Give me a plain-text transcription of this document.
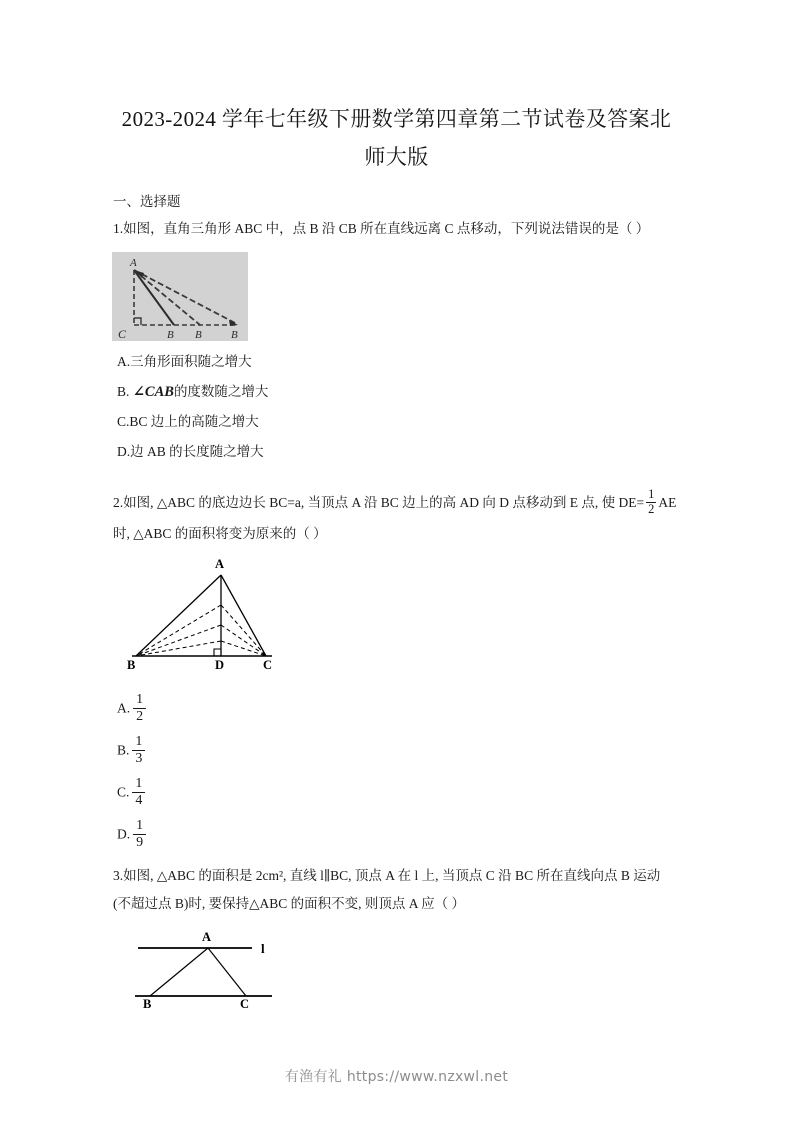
2023-2024 学年七年级下册数学第四章第二节试卷及答案北
师大版
一、选择题
1.如图，直角三角形 ABC 中，点 B 沿 CB 所在直线远离 C 点移动，下列说法错误的是（ ）
A
C	B B	B
A.三角形面积随之增大
B. ∠CAB的度数随之增大
C.BC 边上的高随之增大
D.边 AB 的长度随之增大
2.如图, △ABC 的底边边长 BC=a, 当顶点 A 沿 BC 边上的高 AD 向 D 点移动到 E 点, 使 $DE= \frac{1}{2}$ AE
时, △ABC 的面积将变为原来的（ ）
A
B	D	C
A. $\frac{1}{2}$
B. $\frac{1}{3}$
C. $\frac{1}{4}$
D. $\frac{1}{9}$
3.如图, △ABC 的面积是 2cm², 直线 l∥BC, 顶点 A 在 l 上, 当顶点 C 沿 BC 所在直线向点 B 运动
(不超过点 B)时, 要保持△ABC 的面积不变, 则顶点 A 应（ ）
A
B	C
l
有渔有礼 https://www.nzxwl.net
